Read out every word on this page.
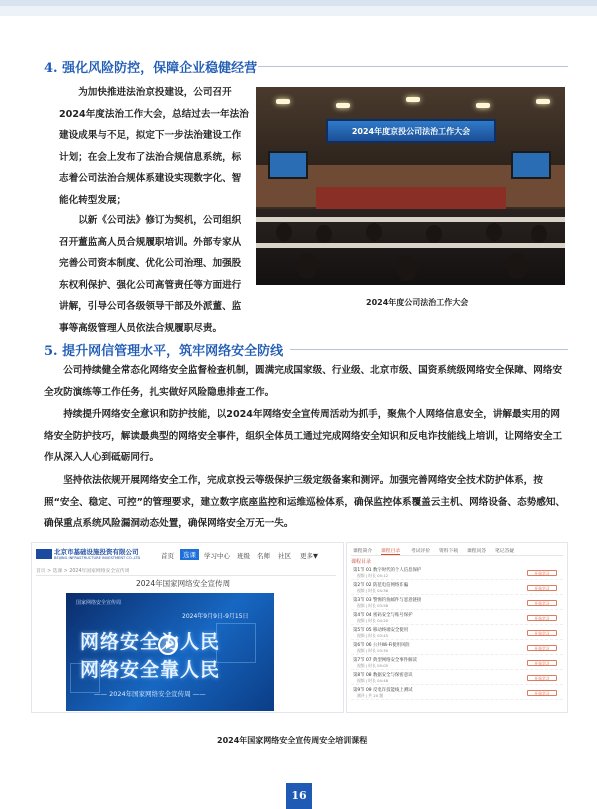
4. 强化风险防控，保障企业稳健经营
为加快推进法治京投建设，公司召开2024年度法治工作大会，总结过去一年法治建设成果与不足，拟定下一步法治建设工作计划；在会上发布了法治合规信息系统，标志着公司法治合规体系建设实现数字化、智能化转型发展；
以新《公司法》修订为契机，公司组织召开董监高人员合规履职培训。外部专家从完善公司资本制度、优化公司治理、加强股东权利保护、强化公司高管责任等方面进行讲解，引导公司各级领导干部及外派董、监事等高级管理人员依法合规履职尽责。
2024年度京投公司法治工作大会
2024年度公司法治工作大会
5. 提升网信管理水平，筑牢网络安全防线
公司持续健全常态化网络安全监督检查机制，圆满完成国家级、行业级、北京市级、国资系统级网络安全保障、网络安全攻防演练等工作任务，扎实做好风险隐患排查工作。
持续提升网络安全意识和防护技能，以2024年网络安全宣传周活动为抓手，聚焦个人网络信息安全，讲解最实用的网络安全防护技巧，解读最典型的网络安全事件，组织全体员工通过完成网络安全知识和反电诈技能线上培训，让网络安全工作从深入人心到砥砺同行。
坚持依法依规开展网络安全工作，完成京投云等级保护三级定级备案和测评。加强完善网络安全技术防护体系，按照“安全、稳定、可控”的管理要求，建立数字底座监控和运维巡检体系，确保监控体系覆盖云主机、网络设备、态势感知、确保重点系统风险漏洞动态处置，确保网络安全万无一失。
北京市基础设施投资有限公司
BEIJING INFRASTRUCTURE INVESTMENT CO.,LTD	首页	选课	学习中心 班级 名师 社区 更多▼
首页 > 选课 > 2024年国家网络安全宣传周
2024年国家网络安全宣传周
国家网络安全宣传周
2024年9月9日-9月15日
网络安全为人民
网络安全靠人民
—— 2024年国家网络安全宣传周 ——
课程简介 课程目录 考试评价 资料下载 课程问答 笔记答疑
课程目录
第1节 01 数字时代的个人信息保护
视频 | 时长 05:12	开始学习
第2节 02 防范电信网络诈骗
视频 | 时长 04:36	开始学习
第3节 03 警惕钓鱼邮件与恶意链接
视频 | 时长 03:58	开始学习
第4节 04 密码安全与账号保护
视频 | 时长 04:20	开始学习
第5节 05 移动终端安全使用
视频 | 时长 03:45	开始学习
第6节 06 公共Wi-Fi使用风险
视频 | 时长 03:30	开始学习
第7节 07 典型网络安全事件解读
视频 | 时长 05:05	开始学习
第8节 08 数据安全与保密意识
视频 | 时长 04:48	开始学习
第9节 09 反电诈技能线上测试
测评 | 共 20 题	开始学习
2024年国家网络安全宣传周安全培训课程
16
